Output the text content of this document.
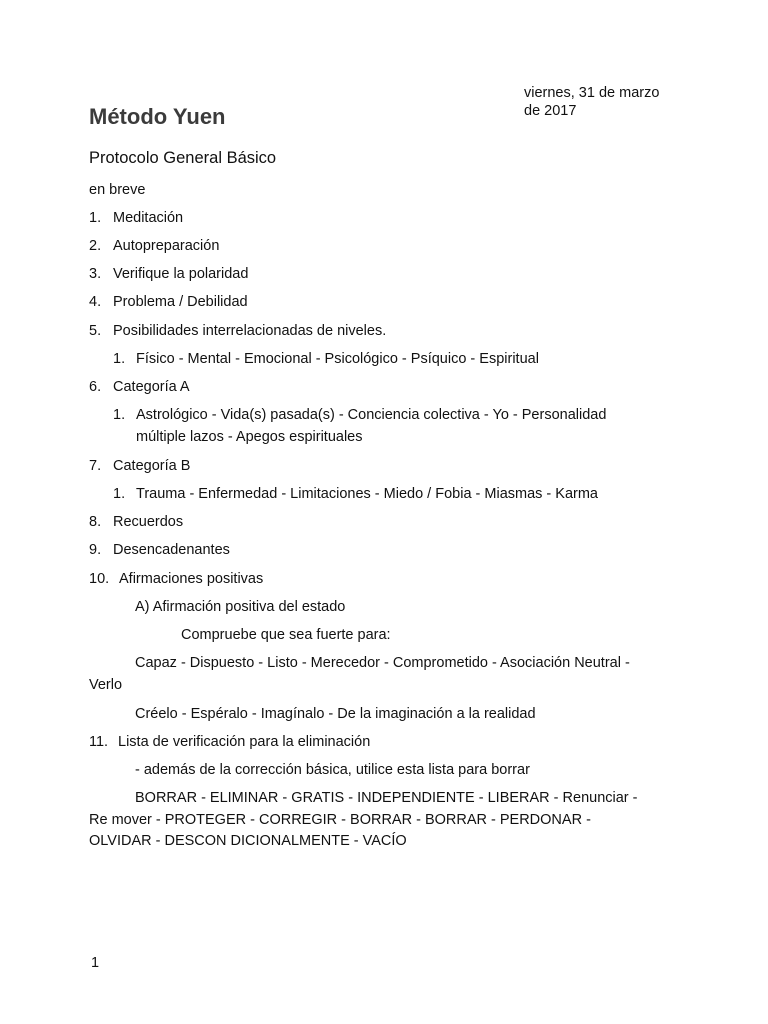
viernes, 31 de marzo
de 2017
Método Yuen
Protocolo General Básico
en breve
1. Meditación
2. Autopreparación
3. Verifique la polaridad
4. Problema / Debilidad
5. Posibilidades interrelacionadas de niveles.
1. Físico - Mental - Emocional - Psicológico - Psíquico - Espiritual
6. Categoría A
1. Astrológico - Vida(s) pasada(s) - Conciencia colectiva - Yo - Personalidad
múltiple lazos - Apegos espirituales
7. Categoría B
1. Trauma - Enfermedad - Limitaciones - Miedo / Fobia - Miasmas - Karma
8. Recuerdos
9. Desencadenantes
10. Afirmaciones positivas
A) Afirmación positiva del estado
Compruebe que sea fuerte para:
Capaz - Dispuesto - Listo - Merecedor - Comprometido - Asociación Neutral -
Verlo
Créelo - Espéralo - Imagínalo - De la imaginación a la realidad
11. Lista de verificación para la eliminación
- además de la corrección básica, utilice esta lista para borrar
BORRAR - ELIMINAR - GRATIS - INDEPENDIENTE - LIBERAR - Renunciar -
Re mover - PROTEGER - CORREGIR - BORRAR - BORRAR - PERDONAR -
OLVIDAR - DESCON DICIONALMENTE - VACÍO
1
